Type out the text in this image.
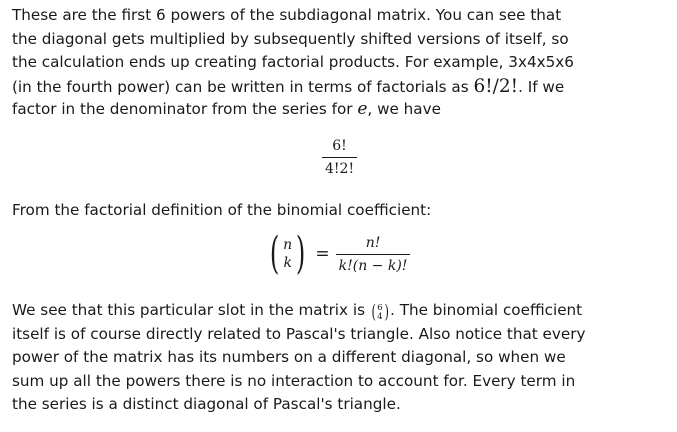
These are the first 6 powers of the subdiagonal matrix. You can see that
the diagonal gets multiplied by subsequently shifted versions of itself, so
the calculation ends up creating factorial products. For example, 3x4x5x6
(in the fourth power) can be written in terms of factorials as 6!/2!. If we
factor in the denominator from the series for e, we have
$\frac{6!}{4!2!}$
From the factorial definition of the binomial coefficient:
( n
k ) = $\frac{n!}{k!(n - k)!}$
We see that this particular slot in the matrix is ( 6
4 ) . The binomial coefficient
itself is of course directly related to Pascal's triangle. Also notice that every
power of the matrix has its numbers on a different diagonal, so when we
sum up all the powers there is no interaction to account for. Every term in
the series is a distinct diagonal of Pascal's triangle.
